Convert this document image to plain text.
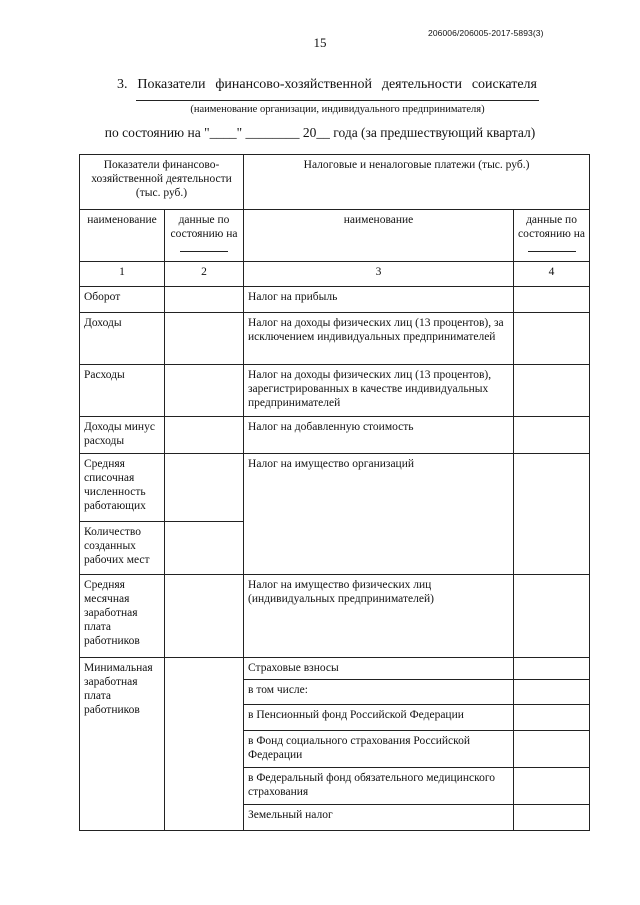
206006/206005-2017-5893(3)
15
3. Показатели финансово-хозяйственной деятельности соискателя
(наименование организации, индивидуального предпринимателя)
по состоянию на "____" ________ 20__ года (за предшествующий квартал)
Показатели финансово-хозяйственной деятельности (тыс. руб.)		Налоговые и неналоговые платежи (тыс. руб.)	
наименование	данные по состоянию на	наименование	данные по состоянию на

1	2	3	4
Оборот		Налог на прибыль	
Доходы		Налог на доходы физических лиц (13 процентов), за исключением индивидуальных предпринимателей	
Расходы		Налог на доходы физических лиц (13 процентов), зарегистрированных в качестве индивидуальных предпринимателей	
Доходы минус расходы		Налог на добавленную стоимость	
Средняя списочная численность работающих		Налог на имущество организаций	
Количество созданных рабочих мест			
Средняя месячная заработная плата работников		Налог на имущество физических лиц (индивидуальных предпринимателей)	
Минимальная заработная плата работников		Страховые взносы	
		в том числе:	
		в Пенсионный фонд Российской Федерации	
		в Фонд социального страхования Российской Федерации	
		в Федеральный фонд обязательного медицинского страхования	
		Земельный налог	
